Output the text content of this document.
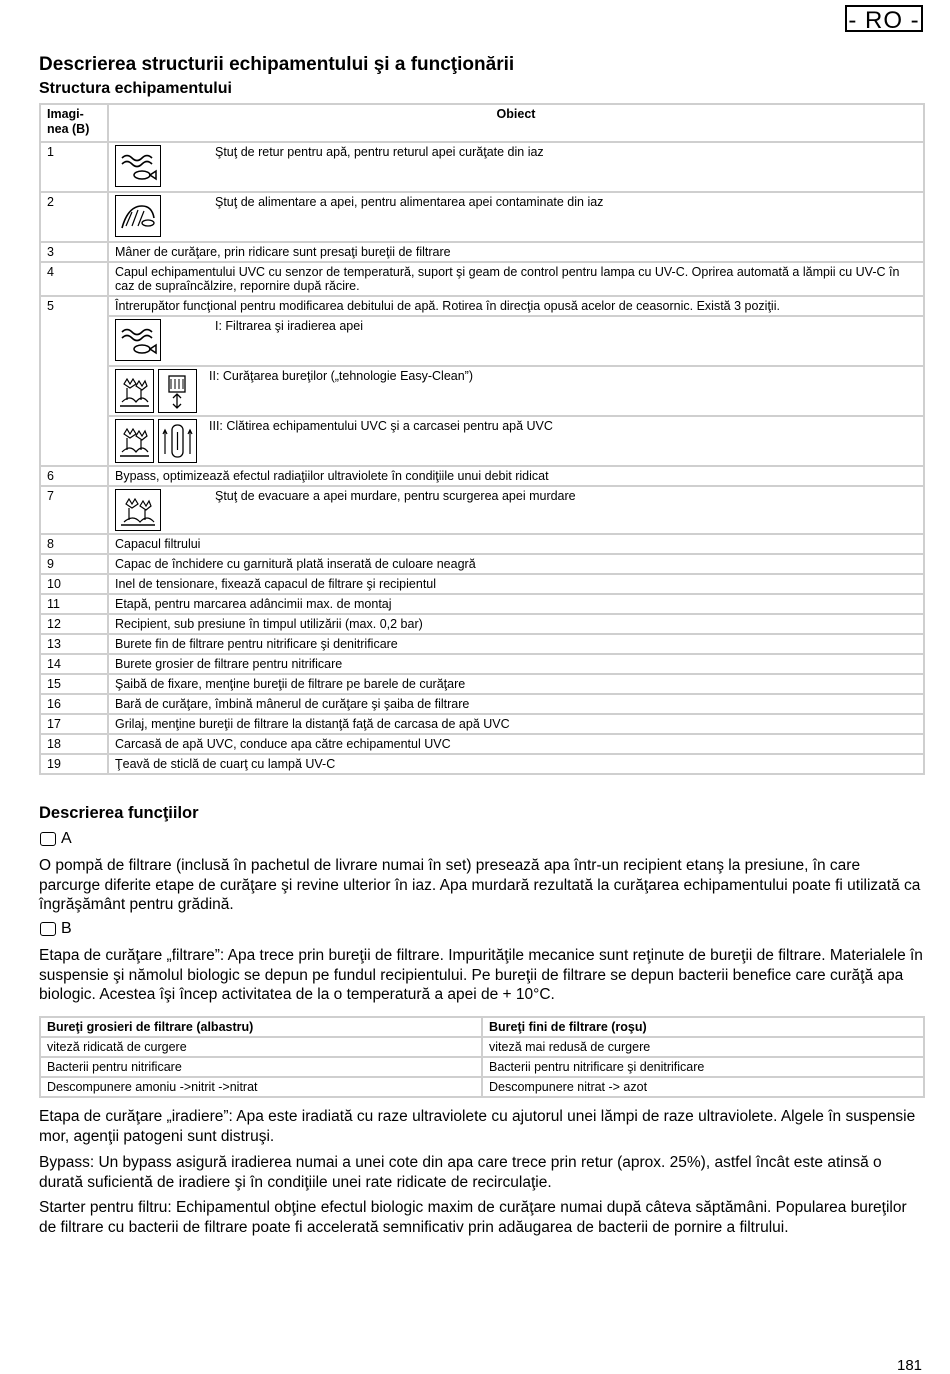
- RO -
Descrierea structurii echipamentului şi a funcţionării
Structura echipamentului
Imagi-nea (B)	Obiect
1	Ştuţ de retur pentru apă, pentru returul apei curăţate din iaz

2	Ştuţ de alimentare a apei, pentru alimentarea apei contaminate din iaz

3	Mâner de curăţare, prin ridicare sunt presaţi bureţii de filtrare
4	Capul echipamentului UVC cu senzor de temperatură, suport şi geam de control pentru lampa cu UV-C. Oprirea automată a lămpii cu UV-C în caz de supraîncălzire, repornire după răcire.
5	Întrerupător funcţional pentru modificarea debitului de apă. Rotirea în direcţia opusă acelor de ceasornic. Există 3 poziţii.

	I: Filtrarea şi iradierea apei

	II: Curăţarea bureţilor („tehnologie Easy-Clean”)

	III: Clătirea echipamentului UVC şi a carcasei pentru apă UVC

6	Bypass, optimizează efectul radiaţiilor ultraviolete în condiţiile unui debit ridicat
7	Ştuţ de evacuare a apei murdare, pentru scurgerea apei murdare

8	Capacul filtrului
9	Capac de închidere cu garnitură plată inserată de culoare neagră
10	Inel de tensionare, fixează capacul de filtrare şi recipientul
11	Etapă, pentru marcarea adâncimii max. de montaj
12	Recipient, sub presiune în timpul utilizării (max. 0,2 bar)
13	Burete fin de filtrare pentru nitrificare şi denitrificare
14	Burete grosier de filtrare pentru nitrificare
15	Şaibă de fixare, menţine bureţii de filtrare pe barele de curăţare
16	Bară de curăţare, îmbină mânerul de curăţare şi şaiba de filtrare
17	Grilaj, menţine bureţii de filtrare la distanţă faţă de carcasa de apă UVC
18	Carcasă de apă UVC, conduce apa către echipamentul UVC
19	Ţeavă de sticlă de cuarţ cu lampă UV-C
Descrierea funcţiilor
A
O pompă de filtrare (inclusă în pachetul de livrare numai în set) presează apa într-un recipient etanş la presiune, în care parcurge diferite etape de curăţare şi revine ulterior în iaz. Apa murdară rezultată la curăţarea echipamentului poate fi utilizată ca îngrăşământ pentru grădină.
B
Etapa de curăţare „filtrare”: Apa trece prin bureţii de filtrare. Impurităţile mecanice sunt reţinute de bureţii de filtrare. Materialele în suspensie şi nămolul biologic se depun pe fundul recipientului. Pe bureţii de filtrare se depun bacterii benefice care curăţă apa biologic. Acestea îşi încep activitatea de la o temperatură a apei de + 10°C.
Bureţi grosieri de filtrare (albastru)	Bureţi fini de filtrare (roşu)
viteză ridicată de curgere	viteză mai redusă de curgere
Bacterii pentru nitrificare	Bacterii pentru nitrificare şi denitrificare
Descompunere amoniu ->nitrit ->nitrat	Descompunere nitrat -> azot
Etapa de curăţare „iradiere”: Apa este iradiată cu raze ultraviolete cu ajutorul unei lămpi de raze ultraviolete. Algele în suspensie mor, agenţii patogeni sunt distruşi.
Bypass: Un bypass asigură iradierea numai a unei cote din apa care trece prin retur (aprox. 25%), astfel încât este atinsă o durată suficientă de iradiere şi în condiţiile unei rate ridicate de recirculaţie.
Starter pentru filtru: Echipamentul obţine efectul biologic maxim de curăţare numai după câteva săptămâni. Popularea bureţilor de filtrare cu bacterii de filtrare poate fi accelerată semnificativ prin adăugarea de bacterii de pornire a filtrului.
181
